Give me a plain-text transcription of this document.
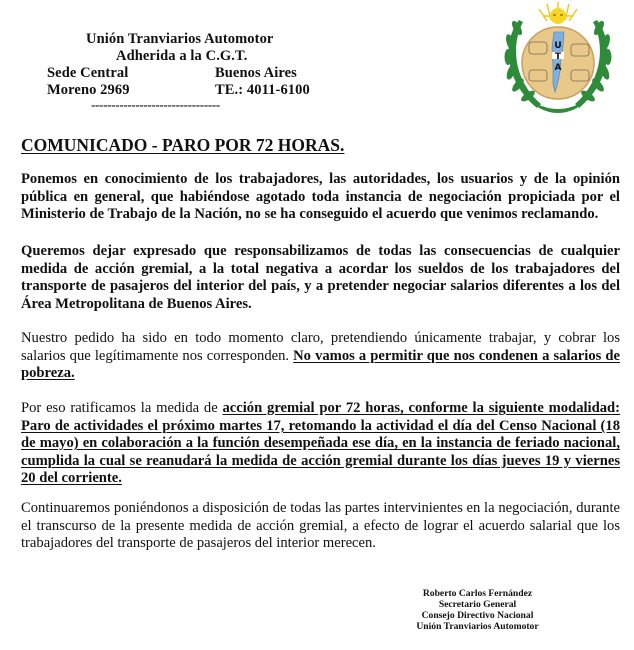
Unión Tranviarios Automotor
Adherida a la C.G.T.
Sede Central	Buenos Aires
Moreno 2969	TE.: 4011-6100
--------------------------------
U
T
A
COMUNICADO - PARO POR 72 HORAS.
Ponemos en conocimiento de los trabajadores, las autoridades, los usuarios y de la opinión pública en general, que habiéndose agotado toda instancia de negociación propiciada por el Ministerio de Trabajo de la Nación, no se ha conseguido el acuerdo que venimos reclamando.
Queremos dejar expresado que responsabilizamos de todas las consecuencias de cualquier medida de acción gremial, a la total negativa a acordar los sueldos de los trabajadores del transporte de pasajeros del interior del país, y a pretender negociar salarios diferentes a los del Área Metropolitana de Buenos Aires.
Nuestro pedido ha sido en todo momento claro, pretendiendo únicamente trabajar, y cobrar los salarios que legítimamente nos corresponden. No vamos a permitir que nos condenen a salarios de pobreza.
Por eso ratificamos la medida de acción gremial por 72 horas, conforme la siguiente modalidad: Paro de actividades el próximo martes 17, retomando la actividad el día del Censo Nacional (18 de mayo) en colaboración a la función desempeñada ese día, en la instancia de feriado nacional, cumplida la cual se reanudará la medida de acción gremial durante los días jueves 19 y viernes 20 del corriente.
Continuaremos poniéndonos a disposición de todas las partes intervinientes en la negociación, durante el transcurso de la presente medida de acción gremial, a efecto de lograr el acuerdo salarial que los trabajadores del transporte de pasajeros del interior merecen.
Roberto Carlos Fernández
Secretario General
Consejo Directivo Nacional
Unión Tranviarios Automotor
